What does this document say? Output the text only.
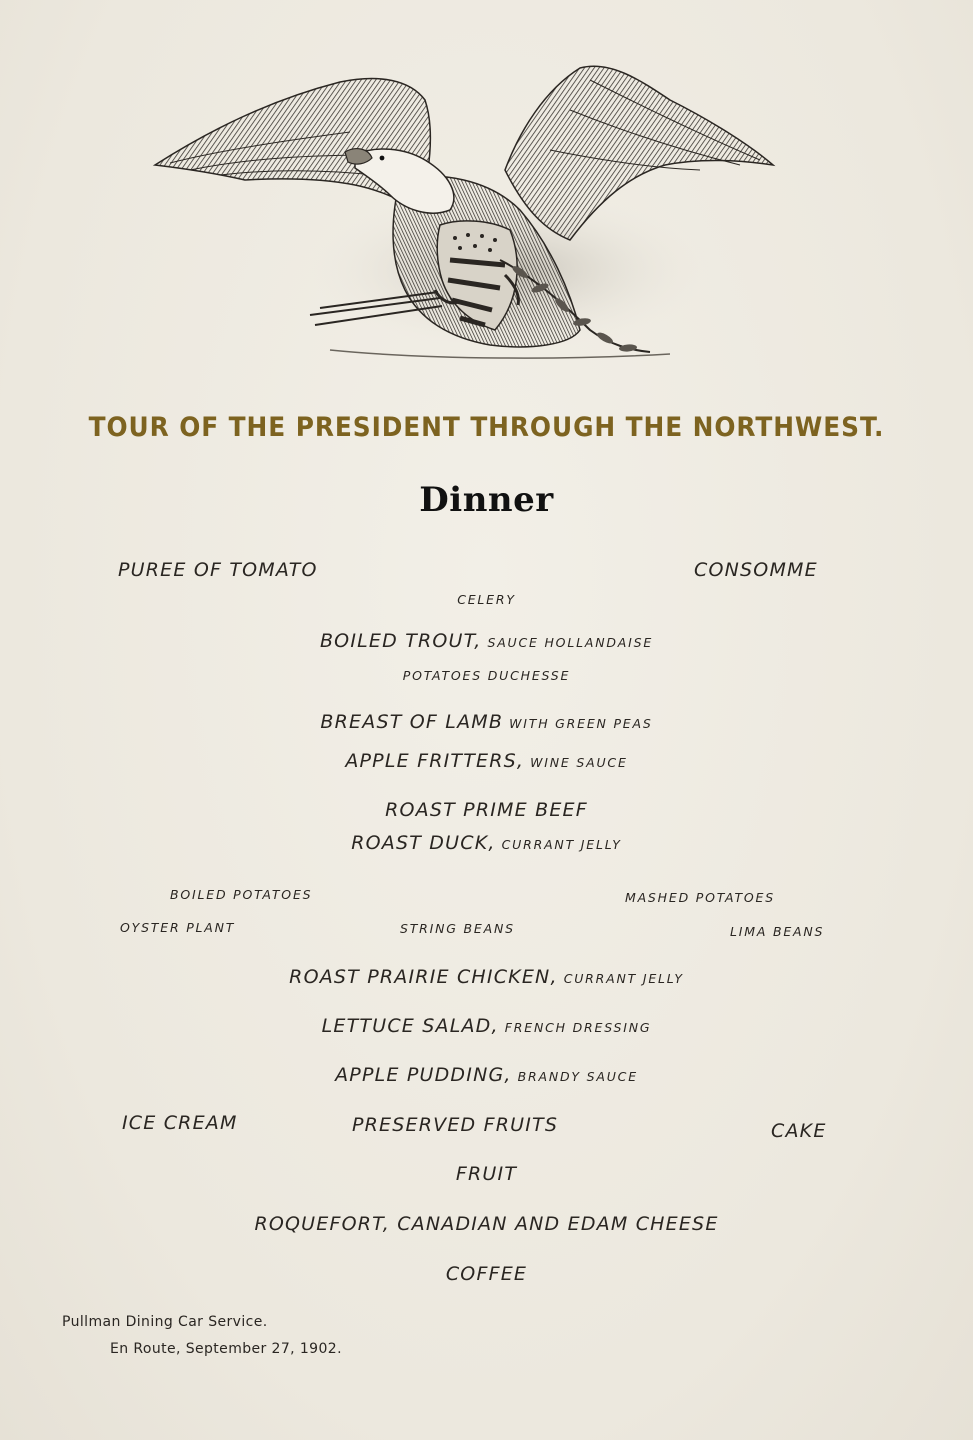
TOUR OF THE PRESIDENT THROUGH THE NORTHWEST.
Dinner
PUREE OF TOMATO	CONSOMME
CELERY
BOILED TROUT, SAUCE HOLLANDAISE
POTATOES DUCHESSE
BREAST OF LAMB WITH GREEN PEAS
APPLE FRITTERS, WINE SAUCE
ROAST PRIME BEEF
ROAST DUCK, CURRANT JELLY
BOILED POTATOES	MASHED POTATOES
OYSTER PLANT	STRING BEANS	LIMA BEANS
ROAST PRAIRIE CHICKEN, CURRANT JELLY
LETTUCE SALAD, FRENCH DRESSING
APPLE PUDDING, BRANDY SAUCE
ICE CREAM	PRESERVED FRUITS	CAKE
FRUIT
ROQUEFORT, CANADIAN AND EDAM CHEESE
COFFEE
Pullman Dining Car Service.
En Route, September 27, 1902.
